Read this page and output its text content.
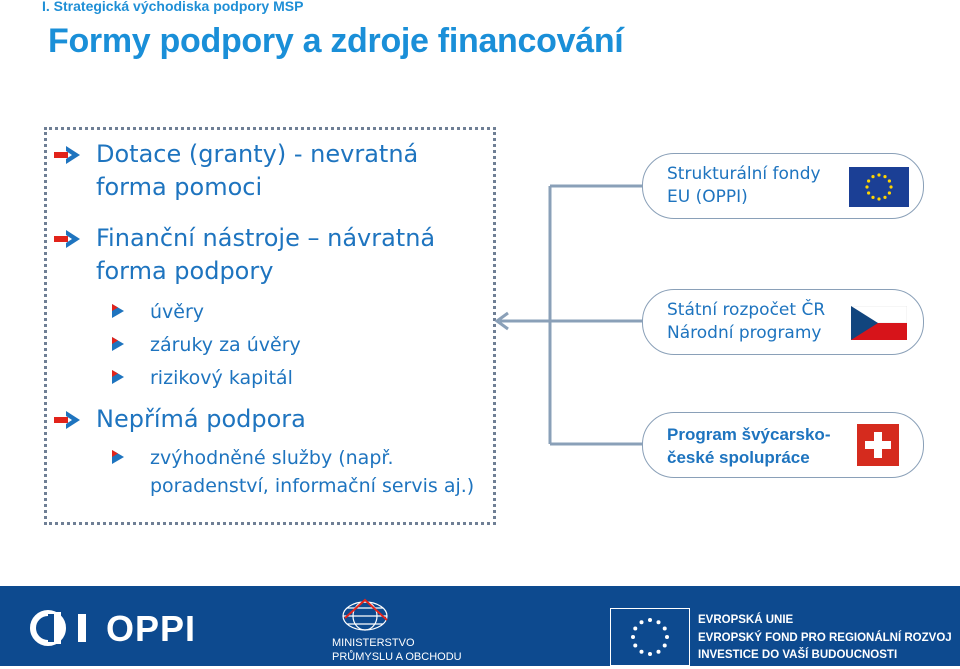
I. Strategická východiska podpory MSP
Formy podpory a zdroje financování
Dotace (granty) - nevratná
forma pomoci
Finanční nástroje – návratná
forma podpory
úvěry
záruky za úvěry
rizikový kapitál
Nepřímá podpora
zvýhodněné služby (např.
poradenství, informační servis aj.)
Strukturální fondy
EU (OPPI)
Státní rozpočet ČR
Národní programy
Program švýcarsko-
české spolupráce
OPPI	MINISTERSTVO
PRŮMYSLU A OBCHODU
EVROPSKÁ UNIE
EVROPSKÝ FOND PRO REGIONÁLNÍ ROZVOJ
INVESTICE DO VAŠÍ BUDOUCNOSTI
